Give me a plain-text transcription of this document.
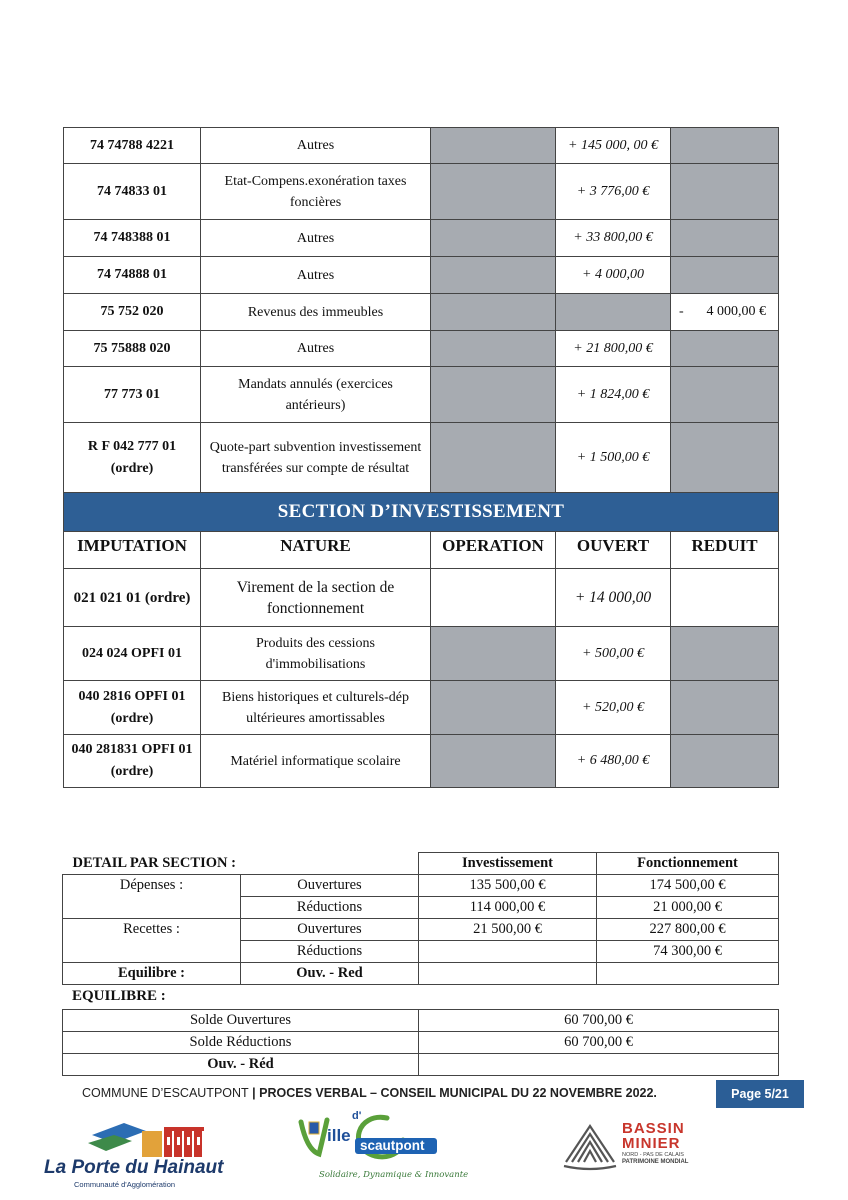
74 74788 4221	Autres		+ 145 000, 00 €	
74 74833 01	Etat-Compens.exonération taxes foncières		+ 3 776,00 €	
74 748388 01	Autres		+ 33 800,00 €	
74 74888 01	Autres		+ 4 000,00	
75 752 020	Revenus des immeubles			- 4 000,00 €
75 75888 020	Autres		+ 21 800,00 €	
77 773 01	Mandats annulés (exercices antérieurs)		+ 1 824,00 €	
R F 042 777 01 (ordre)	Quote-part subvention investissement transférées sur compte de résultat		+ 1 500,00 €	
SECTION D’INVESTISSEMENT				
IMPUTATION	NATURE	OPERATION	OUVERT	REDUIT
021 021 01 (ordre)	Virement de la section de fonctionnement		+ 14 000,00	
024 024 OPFI 01	Produits des cessions d'immobilisations		+ 500,00 €	
040 2816 OPFI 01 (ordre)	Biens historiques et culturels-dép ultérieures amortissables		+ 520,00 €	
040 281831 OPFI 01 (ordre)	Matériel informatique scolaire		+ 6 480,00 €	
DETAIL PAR SECTION :		Investissement	Fonctionnement
Dépenses :	Ouvertures	135 500,00 €	174 500,00 €
	Réductions	114 000,00 €	21 000,00 €
Recettes :	Ouvertures	21 500,00 €	227 800,00 €
	Réductions		74 300,00 €
Equilibre :	Ouv. - Red		
EQUILIBRE :
Solde Ouvertures	60 700,00 €
Solde Réductions	60 700,00 €
Ouv. - Réd	
COMMUNE D’ESCAUTPONT | PROCES VERBAL – CONSEIL MUNICIPAL DU 22 NOVEMBRE 2022.	Page 5/21
La Porte du Hainaut
Communauté d'Agglomération
ille
d'
scautpont
Solidaire, Dynamique & Innovante
BASSIN
MINIER
NORD - PAS DE CALAIS
PATRIMOINE MONDIAL
